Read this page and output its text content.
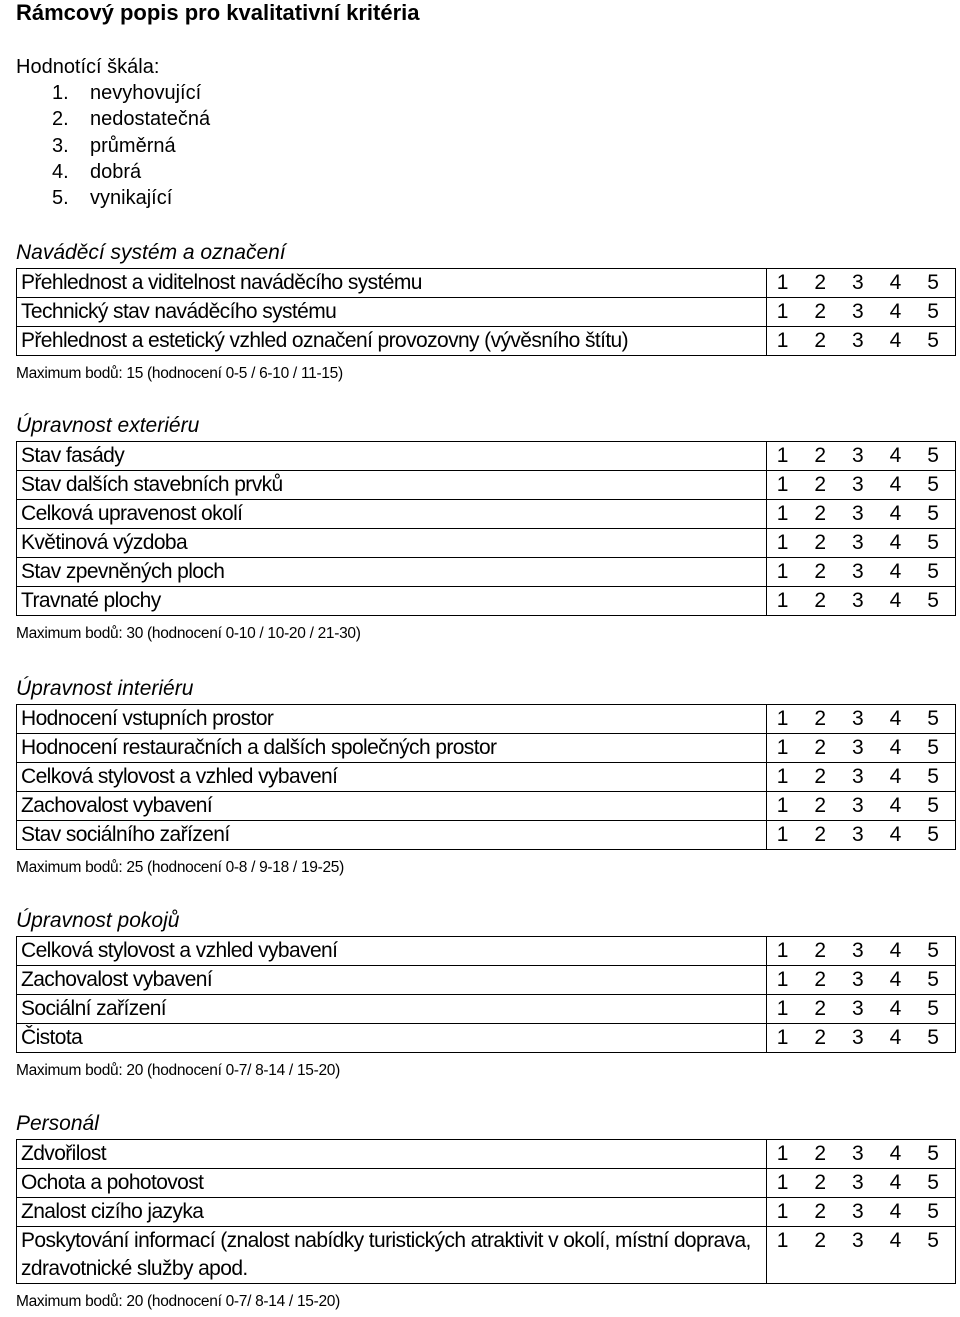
Rámcový popis pro kvalitativní kritéria
Hodnotící škála:
1.	nevyhovující
2.	nedostatečná
3.	průměrná
4.	dobrá
5.	vynikající
Naváděcí systém a označení
Přehlednost a viditelnost naváděcího systému	1 2 3 4 5

Technický stav naváděcího systému	1 2 3 4 5

Přehlednost a estetický vzhled označení provozovny (vývěsního štítu)	1 2 3 4 5
Maximum bodů: 15 (hodnocení 0-5 / 6-10 / 11-15)
Úpravnost exteriéru
Stav fasády	1 2 3 4 5

Stav dalších stavebních prvků	1 2 3 4 5

Celková upravenost okolí	1 2 3 4 5

Květinová výzdoba	1 2 3 4 5

Stav zpevněných ploch	1 2 3 4 5

Travnaté plochy	1 2 3 4 5
Maximum bodů: 30 (hodnocení 0-10 / 10-20 / 21-30)
Úpravnost interiéru
Hodnocení vstupních prostor	1 2 3 4 5

Hodnocení restauračních a dalších společných prostor	1 2 3 4 5

Celková stylovost a vzhled vybavení	1 2 3 4 5

Zachovalost vybavení	1 2 3 4 5

Stav sociálního zařízení	1 2 3 4 5
Maximum bodů: 25 (hodnocení 0-8 / 9-18 / 19-25)
Úpravnost pokojů
Celková stylovost a vzhled vybavení	1 2 3 4 5

Zachovalost vybavení	1 2 3 4 5

Sociální zařízení	1 2 3 4 5

Čistota	1 2 3 4 5
Maximum bodů: 20 (hodnocení 0-7/ 8-14 / 15-20)
Personál
Zdvořilost	1 2 3 4 5

Ochota a pohotovost	1 2 3 4 5

Znalost cizího jazyka	1 2 3 4 5

Poskytování informací (znalost nabídky turistických atraktivit v okolí, místní doprava, zdravotnické služby apod.	1 2 3 4 5
Maximum bodů: 20 (hodnocení 0-7/ 8-14 / 15-20)
